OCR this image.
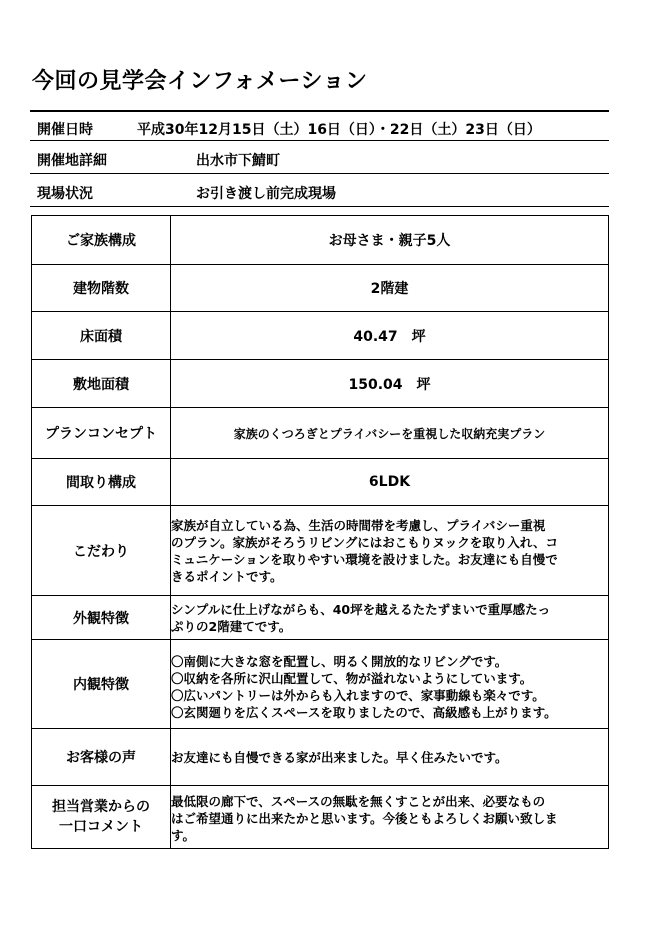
今回の見学会インフォメーション
開催日時	平成30年12月15日（土）16日（日）・22日（土）23日（日）
開催地詳細	出水市下鯖町
現場状況	お引き渡し前完成現場
ご家族構成	お母さま・親子5人
建物階数	2階建
床面積	40.47　坪
敷地面積	150.04　坪
プランコンセプト	家族のくつろぎとプライバシーを重視した収納充実プラン
間取り構成	6LDK
こだわり	家族が自立している為、生活の時間帯を考慮し、プライバシー重視
のプラン。家族がそろうリビングにはおこもりヌックを取り入れ、コ
ミュニケーションを取りやすい環境を設けました。お友達にも自慢で
きるポイントです。

外観特徴	シンプルに仕上げながらも、40坪を越えるたたずまいで重厚感たっ
ぷりの2階建てです。

内観特徴	〇南側に大きな窓を配置し、明るく開放的なリビングです。
〇収納を各所に沢山配置して、物が溢れないようにしています。
〇広いパントリーは外からも入れますので、家事動線も楽々です。
〇玄関廻りを広くスペースを取りましたので、高級感も上がります。

お客様の声	お友達にも自慢できる家が出来ました。早く住みたいです。

担当営業からの
一口コメント	最低限の廊下で、スペースの無駄を無くすことが出来、必要なもの
はご希望通りに出来たかと思います。今後ともよろしくお願い致しま
す。
